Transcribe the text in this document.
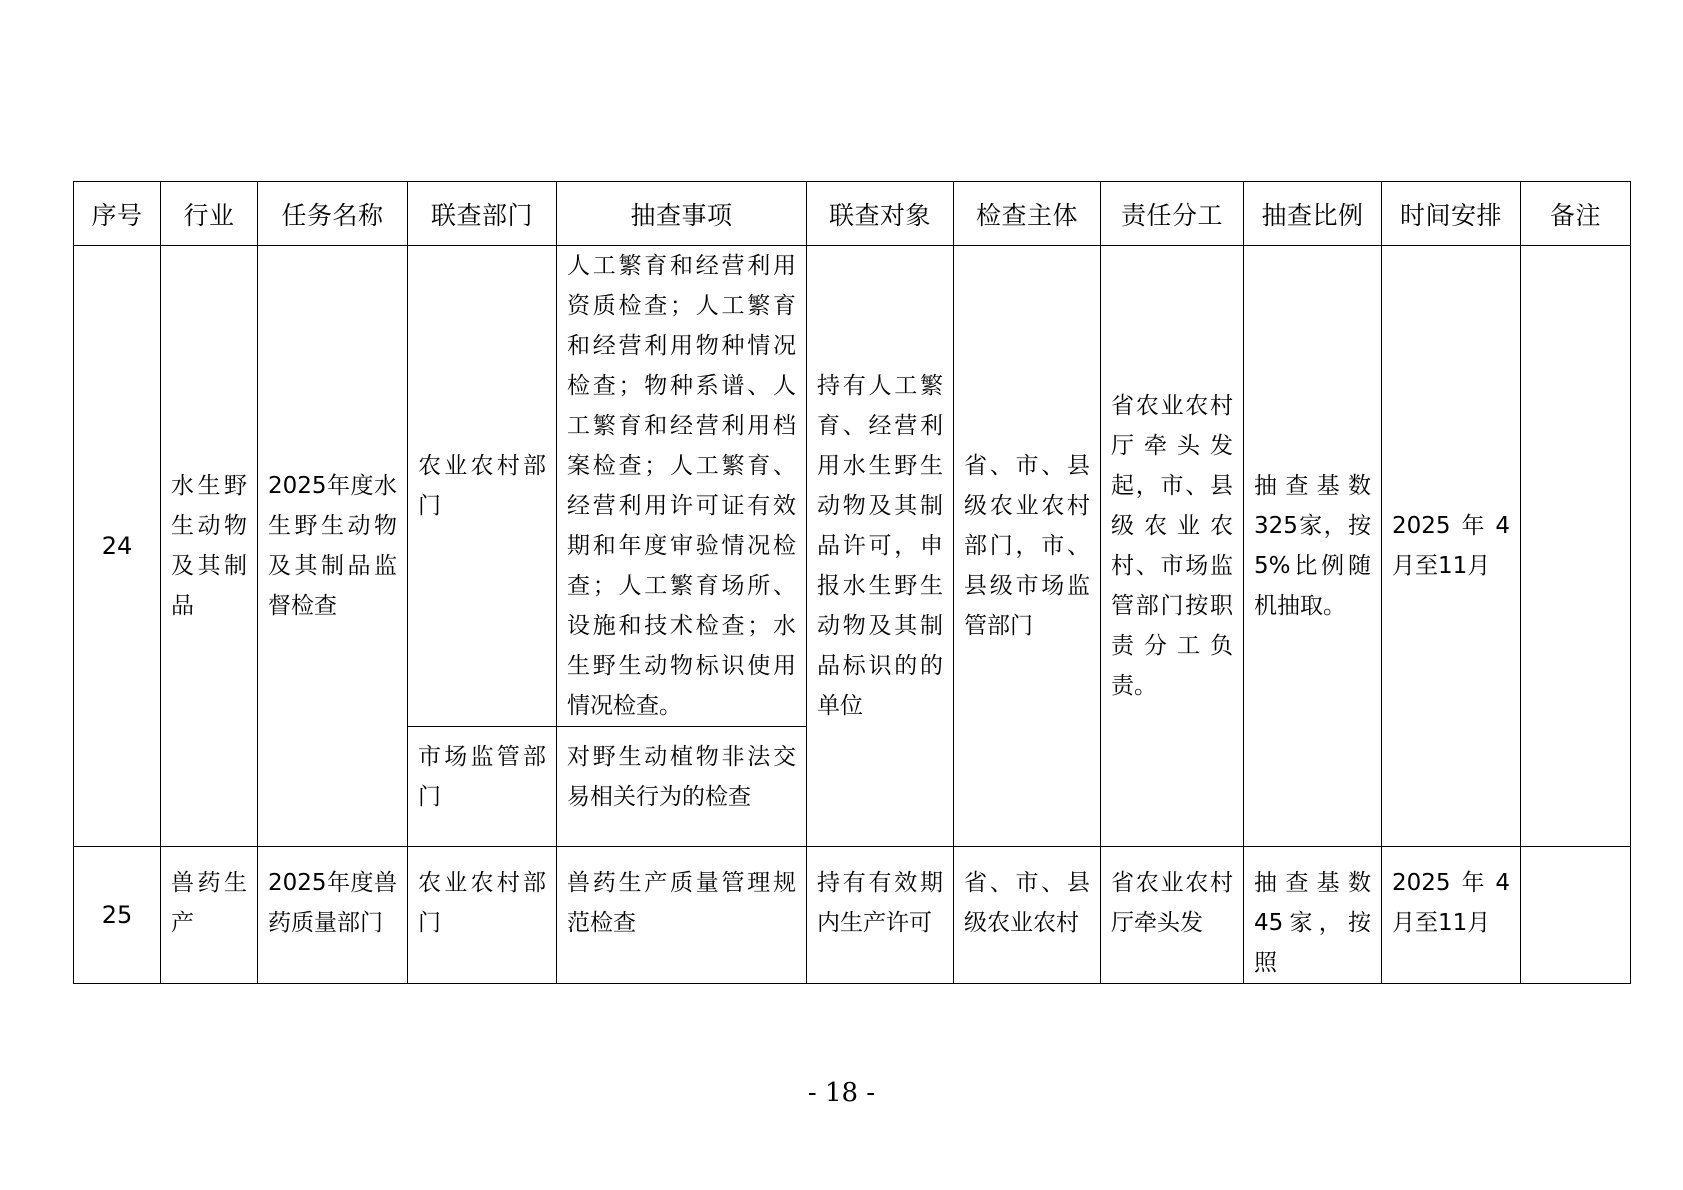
序号	行业	任务名称	联查部门	抽查事项	联查对象	检查主体	责任分工	抽查比例	时间安排	备注
24	水生野生动物及其制品	2025年度水生野生动物及其制品监督检查	农业农村部门	人工繁育和经营利用资质检查；人工繁育和经营利用物种情况检查；物种系谱、人工繁育和经营利用档案检查；人工繁育、经营利用许可证有效期和年度审验情况检查；人工繁育场所、设施和技术检查；水生野生动物标识使用情况检查。	持有人工繁育、经营利用水生野生动物及其制品许可，申报水生野生动物及其制品标识的的单位	省、市、县级农业农村部门，市、县级市场监管部门	省农业农村厅牵头发起，市、县级农业农村、市场监管部门按职责分工负责。	抽查基数325家，按5%比例随机抽取。	2025年4月至11月	

			市场监管部门	对野生动植物非法交易相关行为的检查						

25	兽药生产	2025年度兽药质量部门	农业农村部门	兽药生产质量管理规范检查	持有有效期内生产许可	省、市、县级农业农村	省农业农村厅牵头发	抽查基数45家，按照	2025年4月至11月	

- 18 -
